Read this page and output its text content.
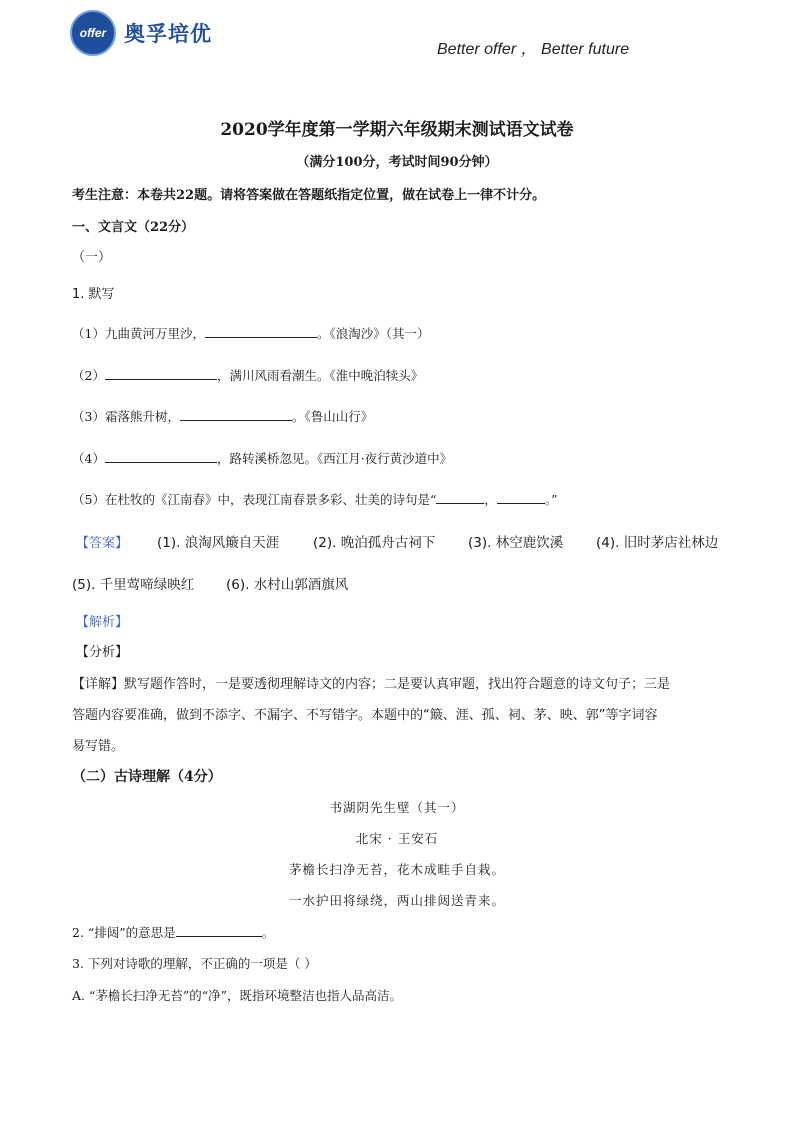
offer 奥孚培优
Better offer ， Better future
2020学年度第一学期六年级期末测试语文试卷
（满分100分，考试时间90分钟）
考生注意：本卷共22题。请将答案做在答题纸指定位置，做在试卷上一律不计分。
一、文言文（22分）
（一）
1. 默写
（1）九曲黄河万里沙，	。《浪淘沙》（其一）
（2）	，满川风雨看潮生。《淮中晚泊犊头》
（3）霜落熊升树，	。《鲁山山行》
（4）	，路转溪桥忽见。《西江月·夜行黄沙道中》
（5）在杜牧的《江南春》中，表现江南春景多彩、壮美的诗句是“	，	。”
【答案】 (1). 浪淘风簸自天涯	(2). 晚泊孤舟古祠下 (3). 林空鹿饮溪 (4). 旧时茅店社林边
(5). 千里莺啼绿映红 (6). 水村山郭酒旗风
【解析】
【分析】
【详解】默写题作答时，一是要透彻理解诗文的内容；二是要认真审题，找出符合题意的诗文句子；三是
答题内容要准确，做到不添字、不漏字、不写错字。本题中的“簸、涯、孤、祠、茅、映、郭”等字词容
易写错。
（二）古诗理解（4分）
书湖阴先生壁（其一）
北宋 · 王安石
茅檐长扫净无苔，花木成畦手自栽。
一水护田将绿绕，两山排闼送青来。
2. “排闼”的意思是	。
3. 下列对诗歌的理解，不正确的一项是（ ）
A. “茅檐长扫净无苔”的“净”，既指环境整洁也指人品高洁。
